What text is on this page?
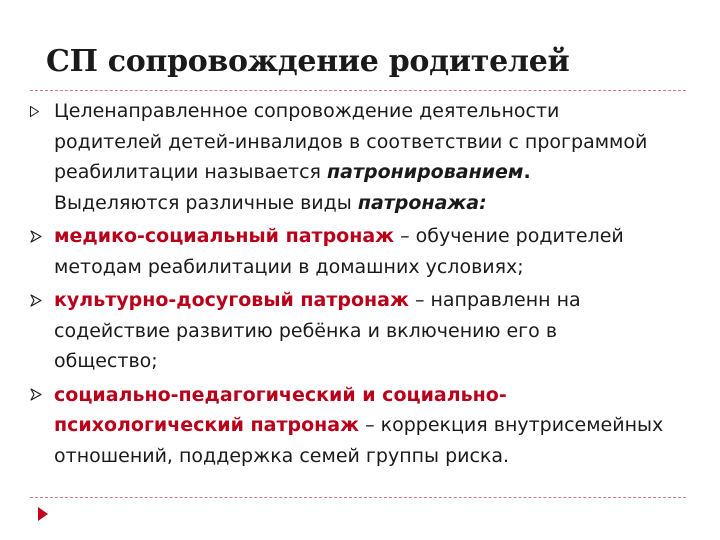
СП сопровождение родителей
Целенаправленное сопровождение деятельности
родителей детей-инвалидов в соответствии с программой
реабилитации называется патронированием.
Выделяются различные виды патронажа:
медико-социальный патронаж – обучение родителей
методам реабилитации в домашних условиях;
культурно-досуговый патронаж – направленн на
содействие развитию ребёнка и включению его в
общество;
социально-педагогический и социально-
психологический патронаж – коррекция внутрисемейных
отношений, поддержка семей группы риска.
